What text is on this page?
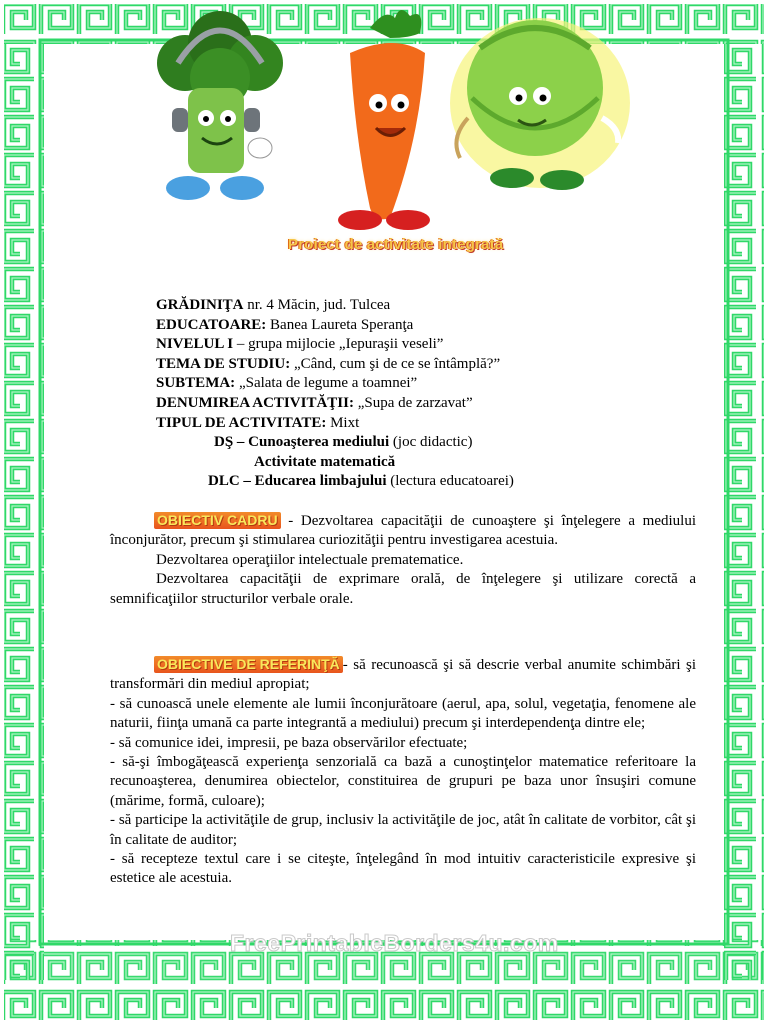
Proiect de activitate integrată
GRĂDINIŢA nr. 4 Măcin, jud. Tulcea
EDUCATOARE: Banea Laureta Speranţa
NIVELUL I – grupa mijlocie „Iepuraşii veseli”
TEMA DE STUDIU: „Când, cum şi de ce se întâmplă?”
SUBTEMA: „Salata de legume a toamnei”
DENUMIREA ACTIVITĂŢII: „Supa de zarzavat”
TIPUL DE ACTIVITATE: Mixt
DŞ – Cunoaşterea mediului (joc didactic)
Activitate matematică
DLC – Educarea limbajului (lectura educatoarei)
OBIECTIV CADRU - Dezvoltarea capacităţii de cunoaştere şi înţelegere a mediului înconjurător, precum şi stimularea curiozităţii pentru investigarea acestuia.
Dezvoltarea operaţiilor intelectuale prematematice.
Dezvoltarea capacităţii de exprimare orală, de înţelegere şi utilizare corectă a semnificaţiilor structurilor verbale orale.
OBIECTIVE DE REFERINŢĂ - să recunoască şi să descrie verbal anumite schimbări şi transformări din mediul apropiat;
- să cunoască unele elemente ale lumii înconjurătoare (aerul, apa, solul, vegetaţia, fenomene ale naturii, fiinţa umană ca parte integrantă a mediului) precum şi interdependenţa dintre ele;
- să comunice idei, impresii, pe baza observărilor efectuate;
- să-şi îmbogăţească experienţa senzorială ca bază a cunoştinţelor matematice referitoare la recunoaşterea, denumirea obiectelor, constituirea de grupuri pe baza unor însuşiri comune (mărime, formă, culoare);
- să participe la activităţile de grup, inclusiv la activităţile de joc, atât în calitate de vorbitor, cât şi în calitate de auditor;
- să recepteze textul care i se citeşte, înţelegând în mod intuitiv caracteristicile expresive şi estetice ale acestuia.
FreePrintableBorders4u.com
